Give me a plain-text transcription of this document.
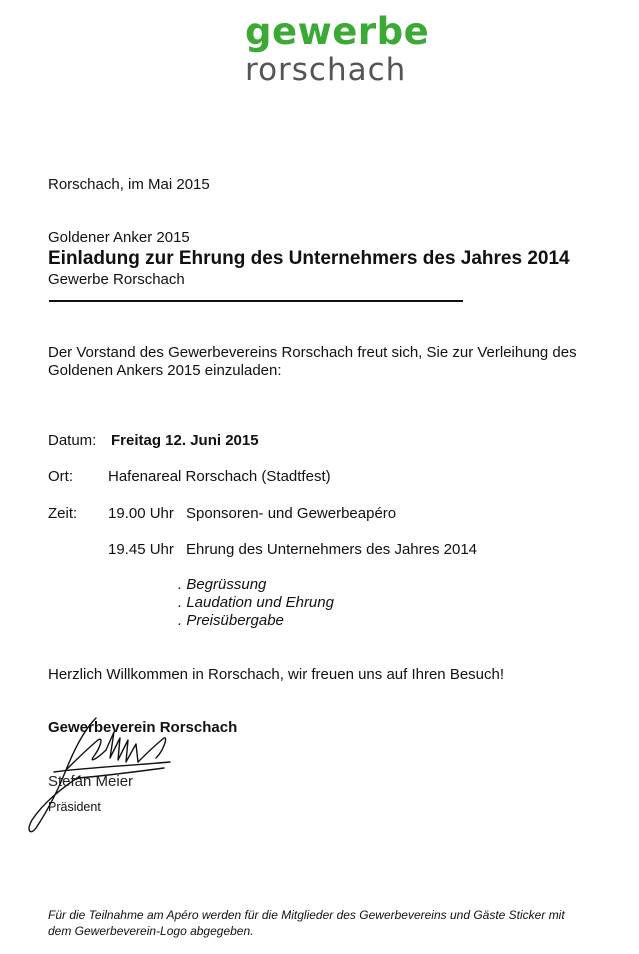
gewerbe
rorschach
Rorschach, im Mai 2015
Goldener Anker 2015
Einladung zur Ehrung des Unternehmers des Jahres 2014
Gewerbe Rorschach
Der Vorstand des Gewerbevereins Rorschach freut sich, Sie zur Verleihung des
Goldenen Ankers 2015 einzuladen:
Datum: Freitag 12. Juni 2015
Ort: Hafenareal Rorschach (Stadtfest)
Zeit: 19.00 Uhr Sponsoren- und Gewerbeapéro
19.45 Uhr Ehrung des Unternehmers des Jahres 2014
. Begrüssung
. Laudation und Ehrung
. Preisübergabe
Herzlich Willkommen in Rorschach, wir freuen uns auf Ihren Besuch!
Gewerbeverein Rorschach
Stefan Meier
Präsident
Für die Teilnahme am Apéro werden für die Mitglieder des Gewerbevereins und Gäste Sticker mit
dem Gewerbeverein-Logo abgegeben.
